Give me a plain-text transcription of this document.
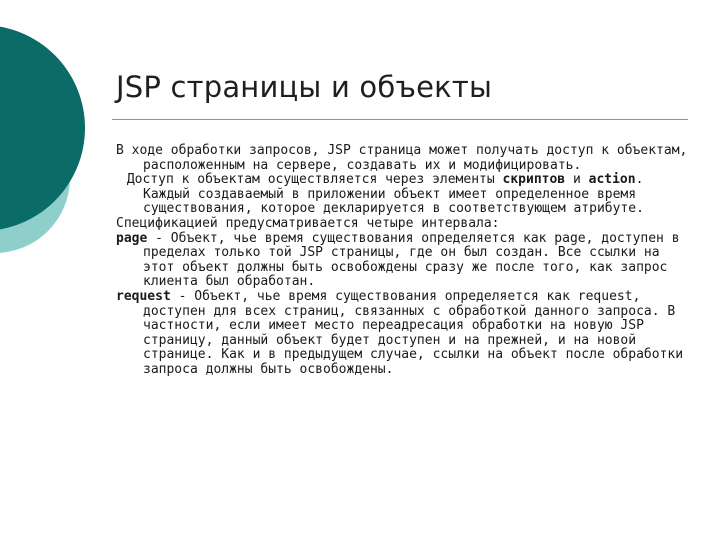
JSP страницы и объекты

В ходе обработки запросов, JSP страница может получать доступ к объектам, расположенным на сервере, создавать их и модифицировать.

Доступ к объектам осуществляется через элементы скриптов и action. Каждый создаваемый в приложении объект имеет определенное время существования, которое декларируется в соответствующем атрибуте.

Спецификацией предусматривается четыре интервала:

page - Объект, чье время существования определяется как page, доступен в пределах только той JSP страницы, где он был создан. Все ссылки на этот объект должны быть освобождены сразу же после того, как запрос клиента был обработан.

request - Объект, чье время существования определяется как request, доступен для всех страниц, связанных с обработкой данного запроса. В частности, если имеет место переадресация обработки на новую JSP страницу, данный объект будет доступен и на прежней, и на новой странице. Как и в предыдущем случае, ссылки на объект после обработки запроса должны быть освобождены.
